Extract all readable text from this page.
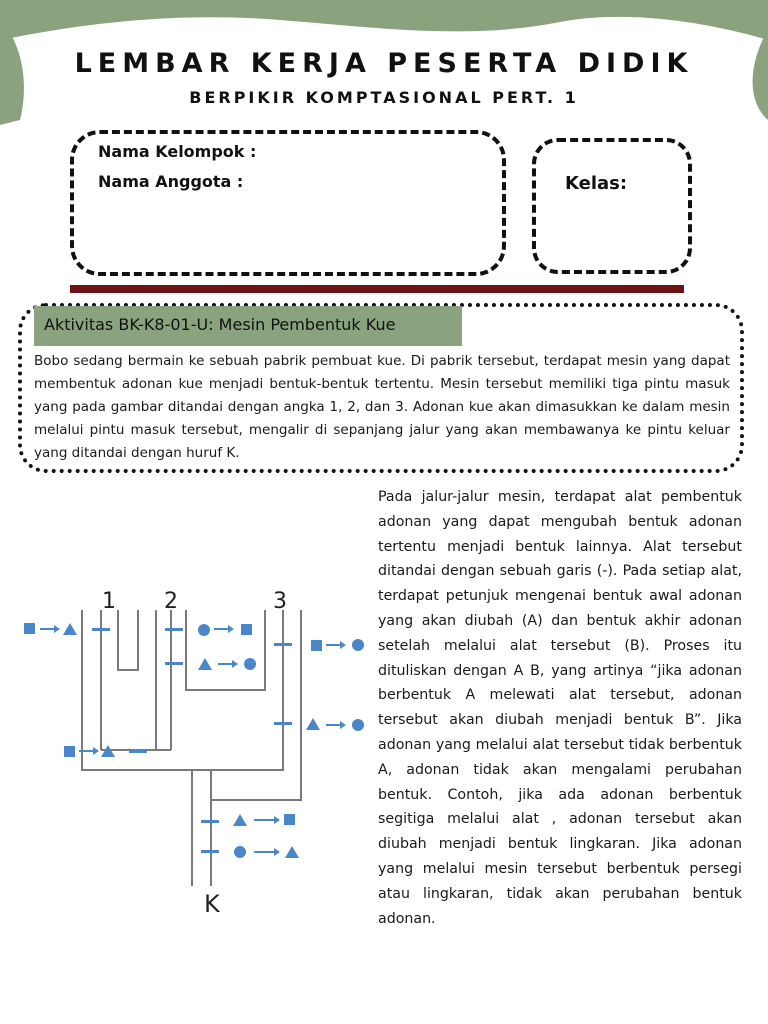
LEMBAR KERJA PESERTA DIDIK
BERPIKIR KOMPTASIONAL PERT. 1
Nama Kelompok :
Nama Anggota :	Kelas:
Aktivitas BK-K8-01-U: Mesin Pembentuk Kue
Bobo sedang bermain ke sebuah pabrik pembuat kue. Di pabrik tersebut, terdapat mesin yang dapat membentuk adonan kue menjadi bentuk-bentuk tertentu. Mesin tersebut memiliki tiga pintu masuk yang pada gambar ditandai dengan angka 1, 2, dan 3. Adonan kue akan dimasukkan ke dalam mesin melalui pintu masuk tersebut, mengalir di sepanjang jalur yang akan membawanya ke pintu keluar yang ditandai dengan huruf K.
Pada jalur-jalur mesin, terdapat alat pembentuk adonan yang dapat mengubah bentuk adonan tertentu menjadi bentuk lainnya. Alat tersebut ditandai dengan sebuah garis (-). Pada setiap alat, terdapat petunjuk mengenai bentuk awal adonan yang akan diubah (A) dan bentuk akhir adonan setelah melalui alat tersebut (B). Proses itu dituliskan dengan A B, yang artinya “jika adonan berbentuk A melewati alat tersebut, adonan tersebut akan diubah menjadi bentuk B”. Jika adonan yang melalui alat tersebut tidak berbentuk A, adonan tidak akan mengalami perubahan bentuk. Contoh, jika ada adonan berbentuk segitiga melalui alat , adonan tersebut akan diubah menjadi bentuk lingkaran. Jika adonan yang melalui mesin tersebut berbentuk persegi atau lingkaran, tidak akan perubahan bentuk adonan.
1 2	3
K
